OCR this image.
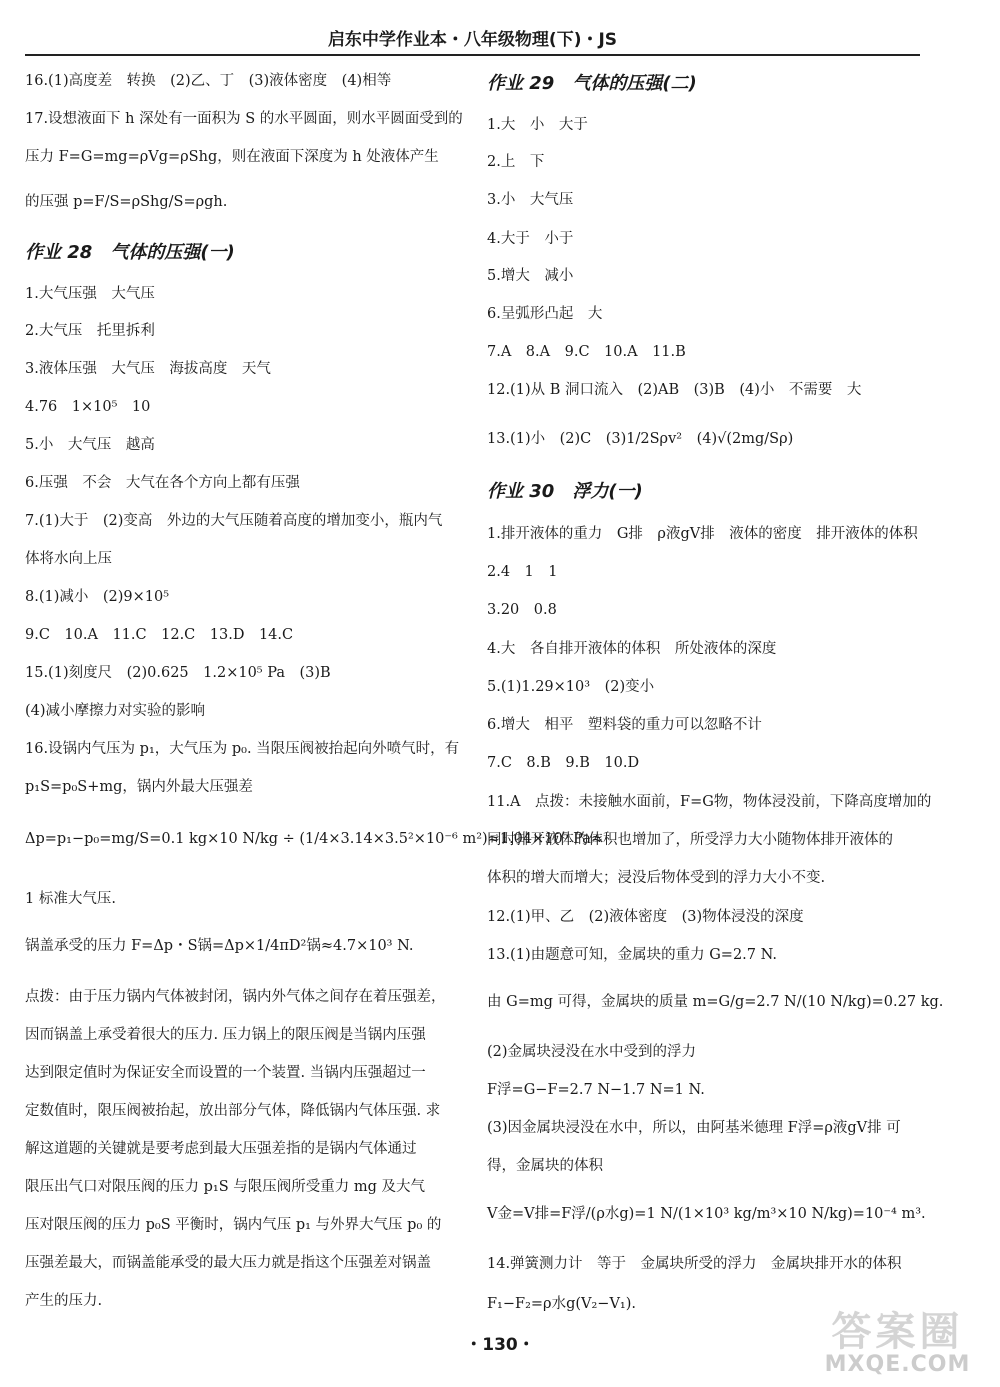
启东中学作业本・八年级物理(下)・JS
16.(1)高度差　转换　(2)乙、丁　(3)液体密度　(4)相等
17.设想液面下 h 深处有一面积为 S 的水平圆面，则水平圆面受到的
压力 F=G=mg=ρVg=ρShg，则在液面下深度为 h 处液体产生
的压强 p=F/S=ρShg/S=ρgh.
作业 28　气体的压强(一)
1.大气压强　大气压
2.大气压　托里拆利
3.液体压强　大气压　海拔高度　天气
4.76　1×10⁵　10
5.小　大气压　越高
6.压强　不会　大气在各个方向上都有压强
7.(1)大于　(2)变高　外边的大气压随着高度的增加变小，瓶内气
体将水向上压
8.(1)减小　(2)9×10⁵
9.C　10.A　11.C　12.C　13.D　14.C
15.(1)刻度尺　(2)0.625　1.2×10⁵ Pa　(3)B
(4)减小摩擦力对实验的影响
16.设锅内气压为 p₁，大气压为 p₀. 当限压阀被抬起向外喷气时，有
p₁S=p₀S+mg，锅内外最大压强差
Δp=p₁−p₀=mg/S=0.1 kg×10 N/kg ÷ (1/4×3.14×3.5²×10⁻⁶ m²)≈1.04×10⁵ Pa≈
1 标准大气压.
锅盖承受的压力 F=Δp・S锅=Δp×1/4πD²锅≈4.7×10³ N.
点拨：由于压力锅内气体被封闭，锅内外气体之间存在着压强差，
因而锅盖上承受着很大的压力. 压力锅上的限压阀是当锅内压强
达到限定值时为保证安全而设置的一个装置. 当锅内压强超过一
定数值时，限压阀被抬起，放出部分气体，降低锅内气体压强. 求
解这道题的关键就是要考虑到最大压强差指的是锅内气体通过
限压出气口对限压阀的压力 p₁S 与限压阀所受重力 mg 及大气
压对限压阀的压力 p₀S 平衡时，锅内气压 p₁ 与外界大气压 p₀ 的
压强差最大，而锅盖能承受的最大压力就是指这个压强差对锅盖
产生的压力.
作业 29　气体的压强(二)
1.大　小　大于
2.上　下
3.小　大气压
4.大于　小于
5.增大　减小
6.呈弧形凸起　大
7.A　8.A　9.C　10.A　11.B
12.(1)从 B 洞口流入　(2)AB　(3)B　(4)小　不需要　大
13.(1)小　(2)C　(3)1/2Sρv²　(4)√(2mg/Sρ)
作业 30　浮力(一)
1.排开液体的重力　G排　ρ液gV排　液体的密度　排开液体的体积
2.4　1　1
3.20　0.8
4.大　各自排开液体的体积　所处液体的深度
5.(1)1.29×10³　(2)变小
6.增大　相平　塑料袋的重力可以忽略不计
7.C　8.B　9.B　10.D
11.A　点拨：未接触水面前，F=G物，物体浸没前，下降高度增加的
同时排开液体的体积也增加了，所受浮力大小随物体排开液体的
体积的增大而增大；浸没后物体受到的浮力大小不变.
12.(1)甲、乙　(2)液体密度　(3)物体浸没的深度
13.(1)由题意可知，金属块的重力 G=2.7 N.
由 G=mg 可得，金属块的质量 m=G/g=2.7 N/(10 N/kg)=0.27 kg.
(2)金属块浸没在水中受到的浮力
F浮=G−F=2.7 N−1.7 N=1 N.
(3)因金属块浸没在水中，所以，由阿基米德理 F浮=ρ液gV排 可
得，金属块的体积
V金=V排=F浮/(ρ水g)=1 N/(1×10³ kg/m³×10 N/kg)=10⁻⁴ m³.
14.弹簧测力计　等于　金属块所受的浮力　金属块排开水的体积
F₁−F₂=ρ水g(V₂−V₁).
・130・	答案圈
MXQE.COM
